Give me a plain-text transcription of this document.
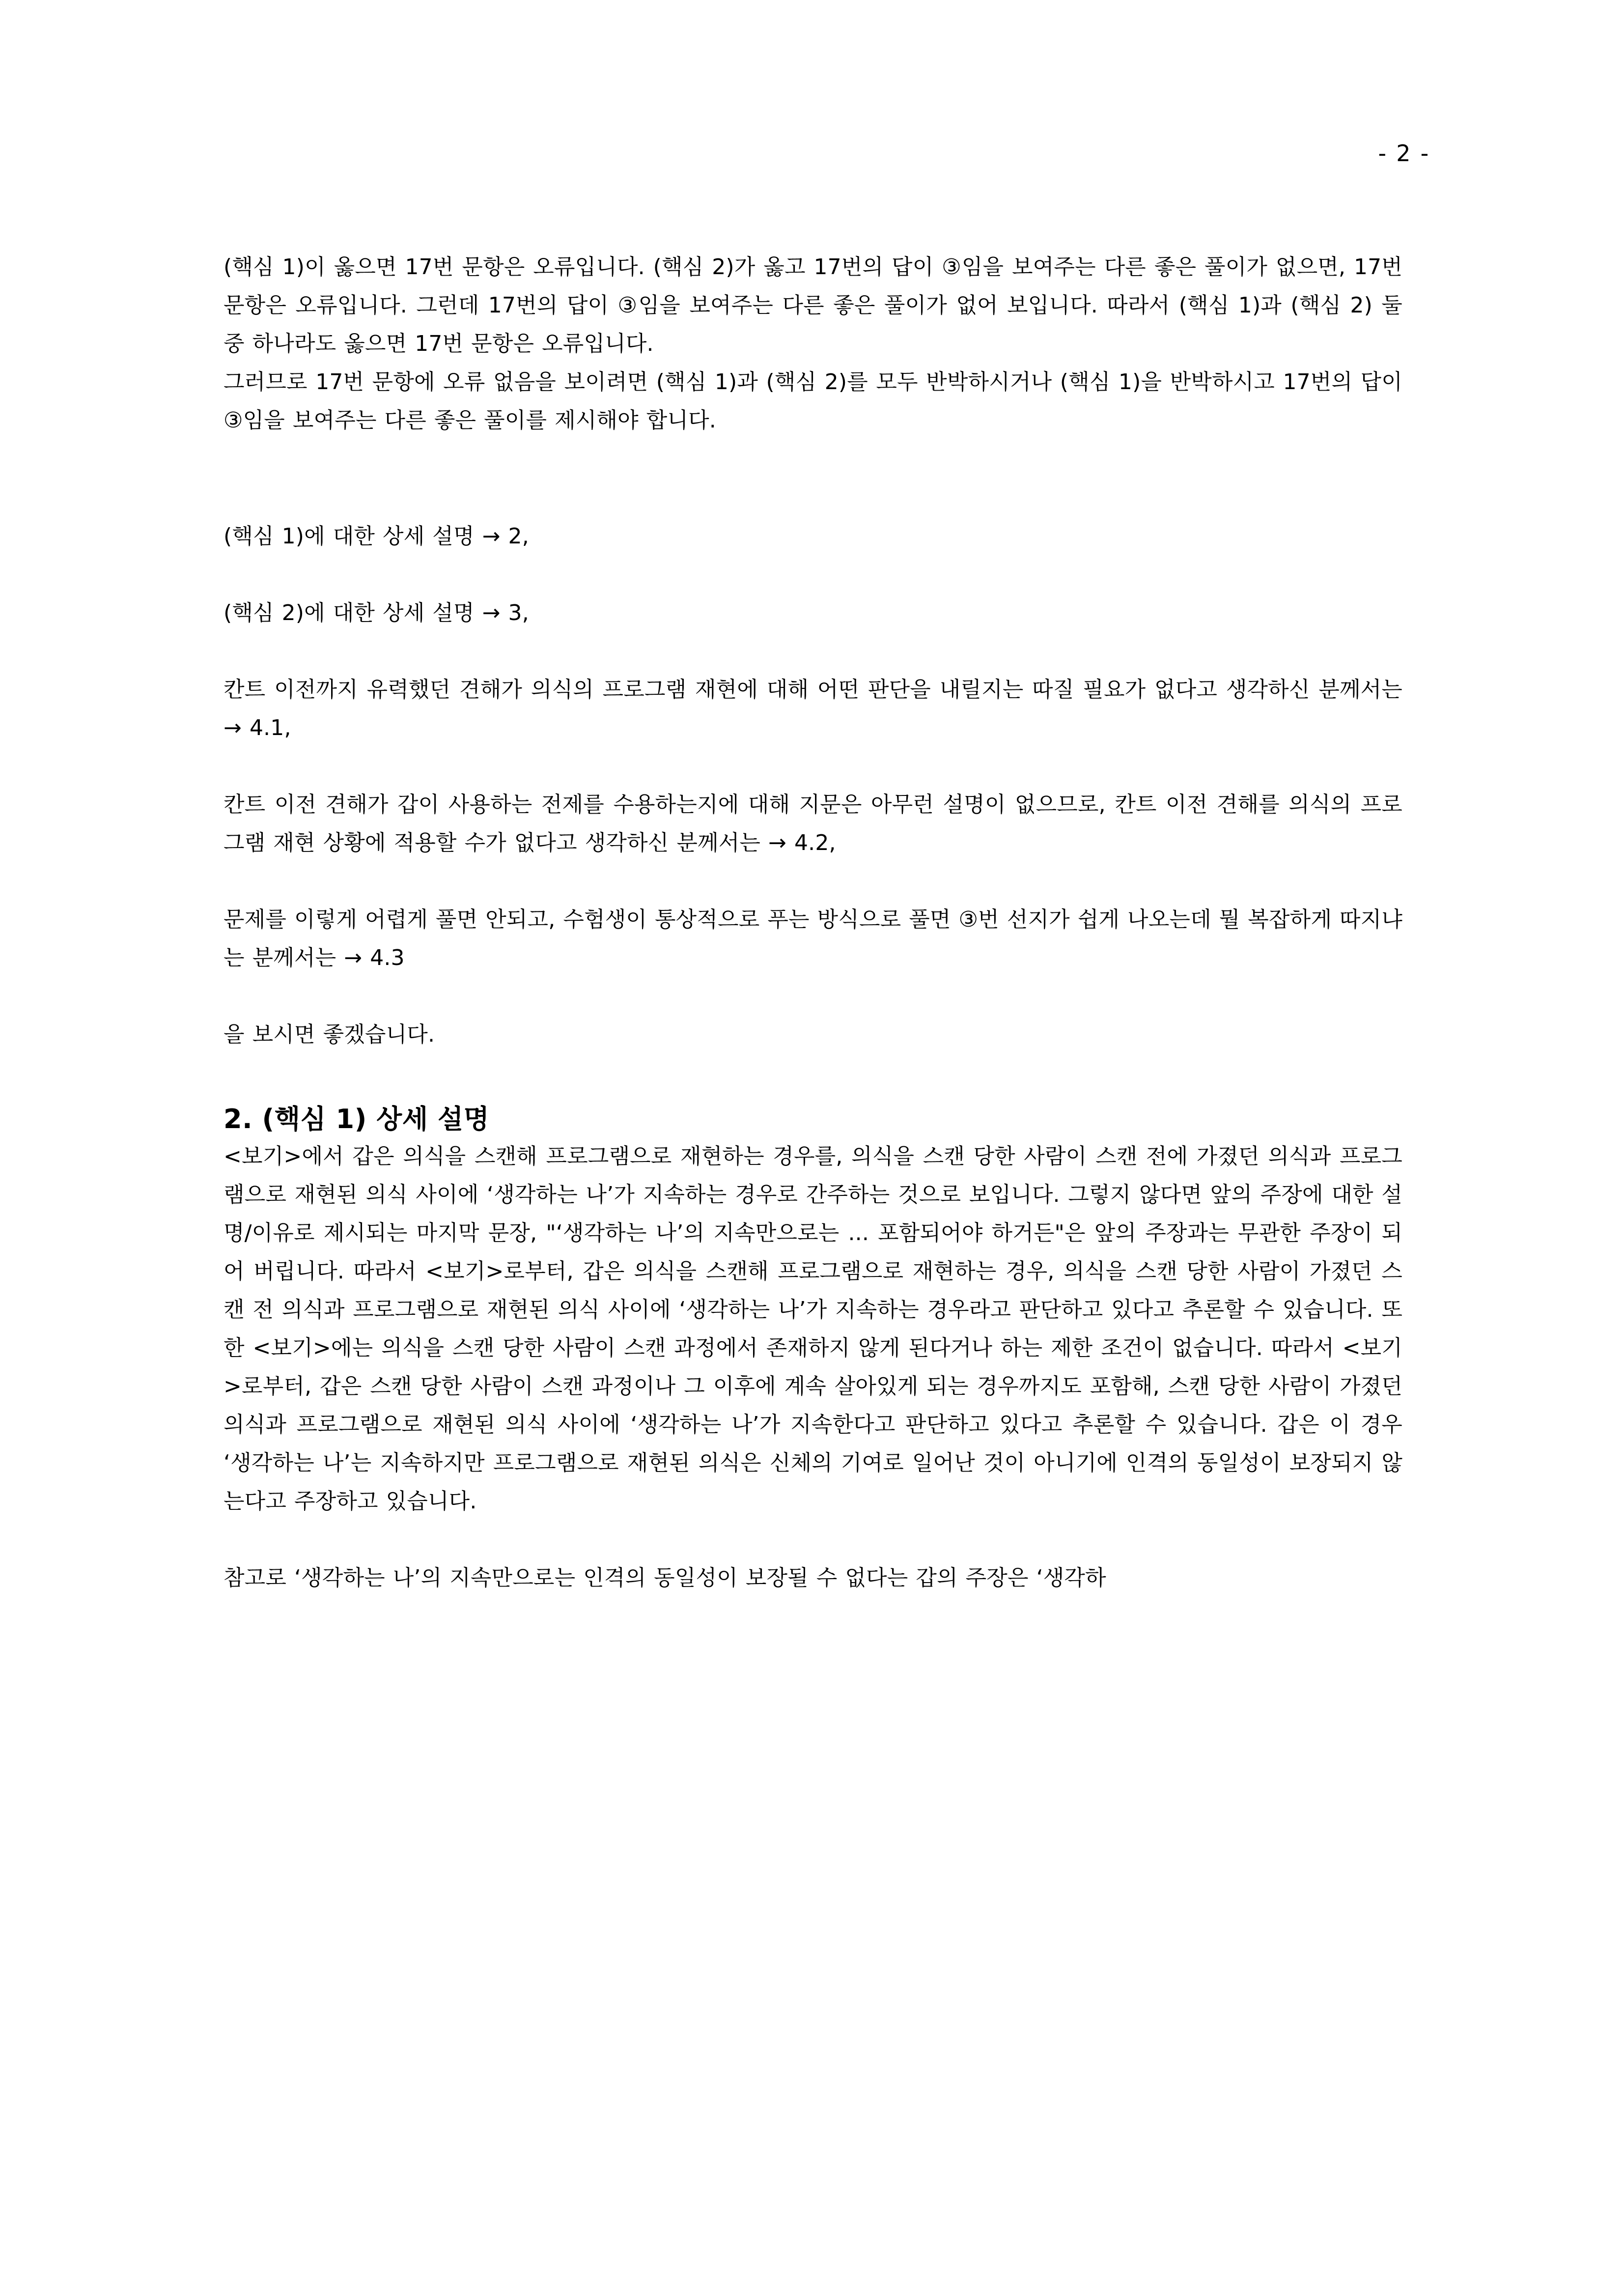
- 2 -

(핵심 1)이 옳으면 17번 문항은 오류입니다. (핵심 2)가 옳고 17번의 답이 ③임을 보여주는 다른 좋은 풀이가 없으면, 17번 문항은 오류입니다. 그런데 17번의 답이 ③임을 보여주는 다른 좋은 풀이가 없어 보입니다. 따라서 (핵심 1)과 (핵심 2) 둘 중 하나라도 옳으면 17번 문항은 오류입니다.

그러므로 17번 문항에 오류 없음을 보이려면 (핵심 1)과 (핵심 2)를 모두 반박하시거나 (핵심 1)을 반박하시고 17번의 답이 ③임을 보여주는 다른 좋은 풀이를 제시해야 합니다.

(핵심 1)에 대한 상세 설명 → 2,

(핵심 2)에 대한 상세 설명 → 3,

칸트 이전까지 유력했던 견해가 의식의 프로그램 재현에 대해 어떤 판단을 내릴지는 따질 필요가 없다고 생각하신 분께서는 → 4.1,

칸트 이전 견해가 갑이 사용하는 전제를 수용하는지에 대해 지문은 아무런 설명이 없으므로, 칸트 이전 견해를 의식의 프로그램 재현 상황에 적용할 수가 없다고 생각하신 분께서는 → 4.2,

문제를 이렇게 어렵게 풀면 안되고, 수험생이 통상적으로 푸는 방식으로 풀면 ③번 선지가 쉽게 나오는데 뭘 복잡하게 따지냐는 분께서는 → 4.3

을 보시면 좋겠습니다.

2. (핵심 1) 상세 설명

<보기>에서 갑은 의식을 스캔해 프로그램으로 재현하는 경우를, 의식을 스캔 당한 사람이 스캔 전에 가졌던 의식과 프로그램으로 재현된 의식 사이에 ‘생각하는 나’가 지속하는 경우로 간주하는 것으로 보입니다. 그렇지 않다면 앞의 주장에 대한 설명/이유로 제시되는 마지막 문장, "‘생각하는 나’의 지속만으로는 ... 포함되어야 하거든"은 앞의 주장과는 무관한 주장이 되어 버립니다. 따라서 <보기>로부터, 갑은 의식을 스캔해 프로그램으로 재현하는 경우, 의식을 스캔 당한 사람이 가졌던 스캔 전 의식과 프로그램으로 재현된 의식 사이에 ‘생각하는 나’가 지속하는 경우라고 판단하고 있다고 추론할 수 있습니다. 또한 <보기>에는 의식을 스캔 당한 사람이 스캔 과정에서 존재하지 않게 된다거나 하는 제한 조건이 없습니다. 따라서 <보기>로부터, 갑은 스캔 당한 사람이 스캔 과정이나 그 이후에 계속 살아있게 되는 경우까지도 포함해, 스캔 당한 사람이 가졌던 의식과 프로그램으로 재현된 의식 사이에 ‘생각하는 나’가 지속한다고 판단하고 있다고 추론할 수 있습니다. 갑은 이 경우 ‘생각하는 나’는 지속하지만 프로그램으로 재현된 의식은 신체의 기여로 일어난 것이 아니기에 인격의 동일성이 보장되지 않는다고 주장하고 있습니다.

참고로 ‘생각하는 나’의 지속만으로는 인격의 동일성이 보장될 수 없다는 갑의 주장은 ‘생각하
